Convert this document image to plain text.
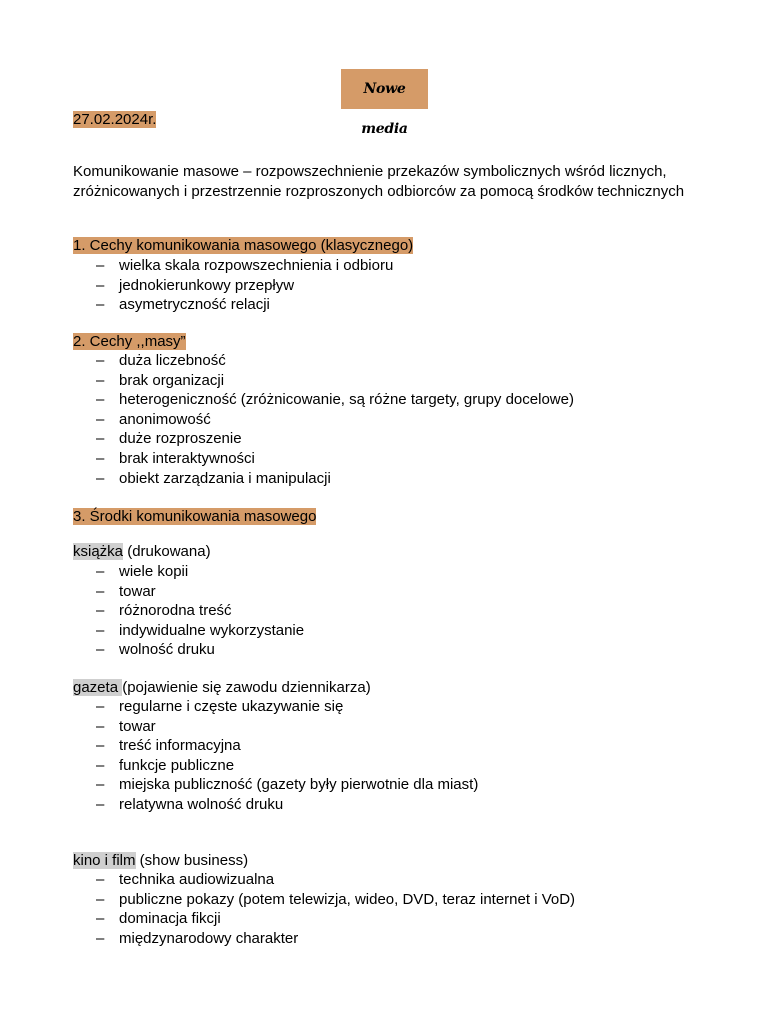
Nowe media
27.02.2024r.
Komunikowanie masowe – rozpowszechnienie przekazów symbolicznych wśród licznych, zróżnicowanych i przestrzennie rozproszonych odbiorców za pomocą środków technicznych
1. Cechy komunikowania masowego (klasycznego)
– wielka skala rozpowszechnienia i odbioru
– jednokierunkowy przepływ
– asymetryczność relacji
2. Cechy ,,masy”
– duża liczebność
– brak organizacji
– heterogeniczność (zróżnicowanie, są różne targety, grupy docelowe)
– anonimowość
– duże rozproszenie
– brak interaktywności
– obiekt zarządzania i manipulacji
3. Środki komunikowania masowego
książka (drukowana)
– wiele kopii
– towar
– różnorodna treść
– indywidualne wykorzystanie
– wolność druku
gazeta (pojawienie się zawodu dziennikarza)
– regularne i częste ukazywanie się
– towar
– treść informacyjna
– funkcje publiczne
– miejska publiczność (gazety były pierwotnie dla miast)
– relatywna wolność druku
kino i film (show business)
– technika audiowizualna
– publiczne pokazy (potem telewizja, wideo, DVD, teraz internet i VoD)
– dominacja fikcji
– międzynarodowy charakter
